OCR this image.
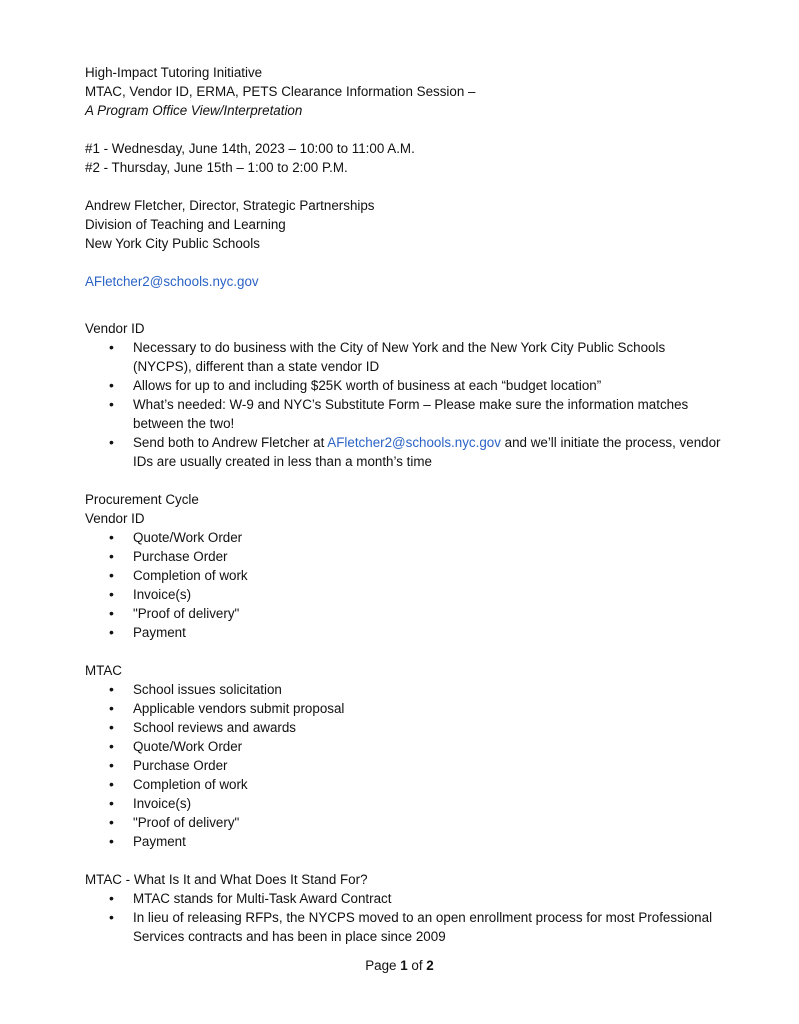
High-Impact Tutoring Initiative
MTAC, Vendor ID, ERMA, PETS Clearance Information Session –
A Program Office View/Interpretation
#1 - Wednesday, June 14th, 2023 – 10:00 to 11:00 A.M.
#2 - Thursday, June 15th – 1:00 to 2:00 P.M.
Andrew Fletcher, Director, Strategic Partnerships
Division of Teaching and Learning
New York City Public Schools
AFletcher2@schools.nyc.gov
Vendor ID
• Necessary to do business with the City of New York and the New York City Public Schools (NYCPS), different than a state vendor ID
• Allows for up to and including $25K worth of business at each “budget location”
• What’s needed: W-9 and NYC’s Substitute Form – Please make sure the information matches between the two!
• Send both to Andrew Fletcher at AFletcher2@schools.nyc.gov and we’ll initiate the process, vendor IDs are usually created in less than a month’s time
Procurement Cycle
Vendor ID
• Quote/Work Order
• Purchase Order
• Completion of work
• Invoice(s)
• "Proof of delivery"
• Payment
MTAC
• School issues solicitation
• Applicable vendors submit proposal
• School reviews and awards
• Quote/Work Order
• Purchase Order
• Completion of work
• Invoice(s)
• "Proof of delivery"
• Payment
MTAC - What Is It and What Does It Stand For?
• MTAC stands for Multi-Task Award Contract
• In lieu of releasing RFPs, the NYCPS moved to an open enrollment process for most Professional Services contracts and has been in place since 2009
Page 1 of 2
